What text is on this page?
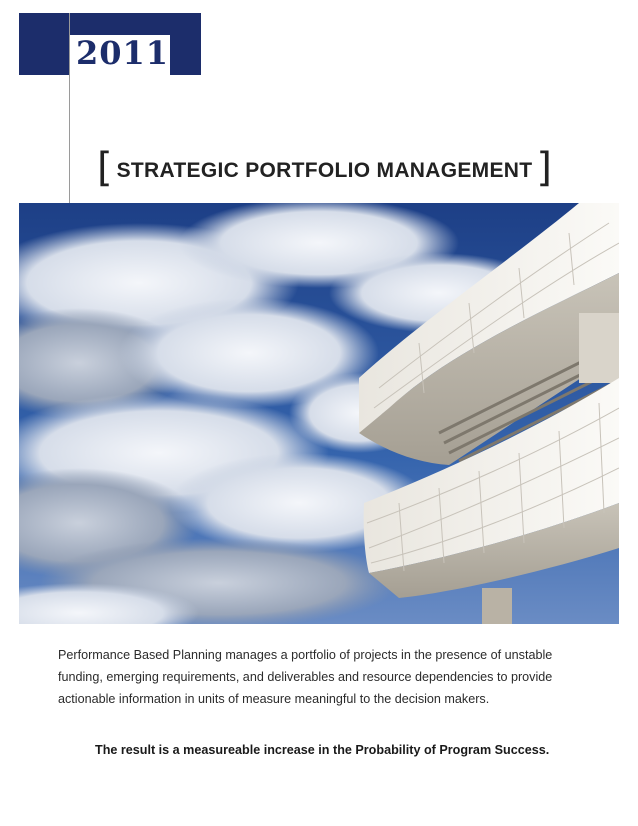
2011
[ STRATEGIC PORTFOLIO MANAGEMENT ]
Performance Based Planning manages a portfolio of projects in the presence of unstable funding, emerging requirements, and deliverables and resource dependencies to provide actionable information in units of measure meaningful to the decision makers.
The result is a measureable increase in the Probability of Program Success.
